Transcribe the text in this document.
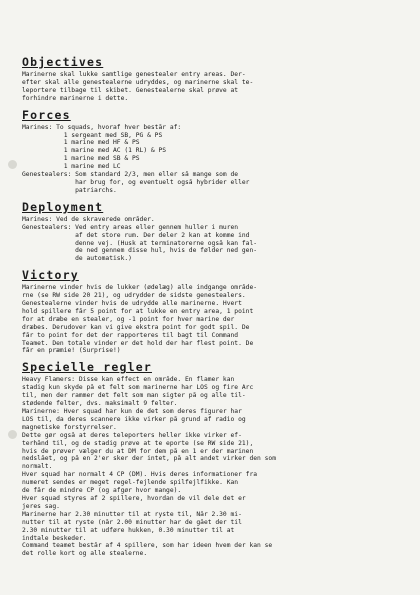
Objectives
Marinerne skal lukke samtlige genestealer entry areas. Der-
efter skal alle genestealerne udryddes, og marinerne skal te-
leportere tilbage til skibet. Genestealerne skal prøve at
forhindre marinerne i dette.
Forces
Marines: To squads, hvoraf hver består af:
1 sergeant med SB, PG & PS
1 marine med HF & PS
1 marine med AC (1 RL) & PS
1 marine med SB & PS
1 marine med LC
Genestealers: Som standard 2/3, men eller så mange som de
har brug for, og eventuelt også hybrider eller
patriarchs.
Deployment
Marines: Ved de skraverede områder.
Genestealers: Ved entry areas eller gennem huller i muren
af det store rum. Der deler 2 kan at komme ind
denne vej. (Husk at terminatorerne også kan fal-
de ned gennem disse hul, hvis de følder ned gen-
de automatisk.)
Victory
Marinerne vinder hvis de lukker (ødelæg) alle indgange område-
rne (se RW side 20 21), og udrydder de sidste genestealers.
Genestealerne vinder hvis de udrydde alle marinerne. Hvert
hold spillere får 5 point for at lukke en entry area, 1 point
for at dræbe en stealer, og -1 point for hver marine der
dræbes. Derudover kan vi give ekstra point for godt spil. De
får to point for det der rapporteres til bagt til Command
Teamet. Den totale vinder er det hold der har flest point. De
får en præmie! (Surprise!)
Specielle regler
Heavy Flamers: Disse kan effect en område. En flamer kan
stadig kun skyde på et felt som marinerne har LOS og fire Arc
til, men der rammer det felt som man sigter på og alle til-
stødende felter, dvs. maksimalt 9 felter.
Marinerne: Hver squad har kun de det som deres figurer har
LOS til, da deres scannere ikke virker på grund af radio og
magnetiske forstyrrelser.
Dette gør også at deres teleporters heller ikke virker ef-
terhånd til, og de stadig prøve at te eporte (se RW side 21),
hvis de prøver vælger du at DM for dem på en 1 er der marinen
nedslået, og på en 2'er sker der intet, på alt andet virker den som
normalt.
Hver squad har normalt 4 CP (DM). Hvis deres informationer fra
numeret sendes er meget regel-fejlende spilfejlfikke. Kan
de får de mindre CP (og afgør hvor mange).
Hver squad styres af 2 spillere, hvordan de vil dele det er
jeres sag.
Marinerne har 2.30 minutter til at ryste til, Når 2.30 mi-
nutter til at ryste (når 2.00 minutter har de gået der til
2.30 minutter til at udføre hukken, 0.30 minutter til at
indtale beskeder.
Command teamet består af 4 spillere, som har ideen hvem der kan se
det rolle kort og alle stealerne.
